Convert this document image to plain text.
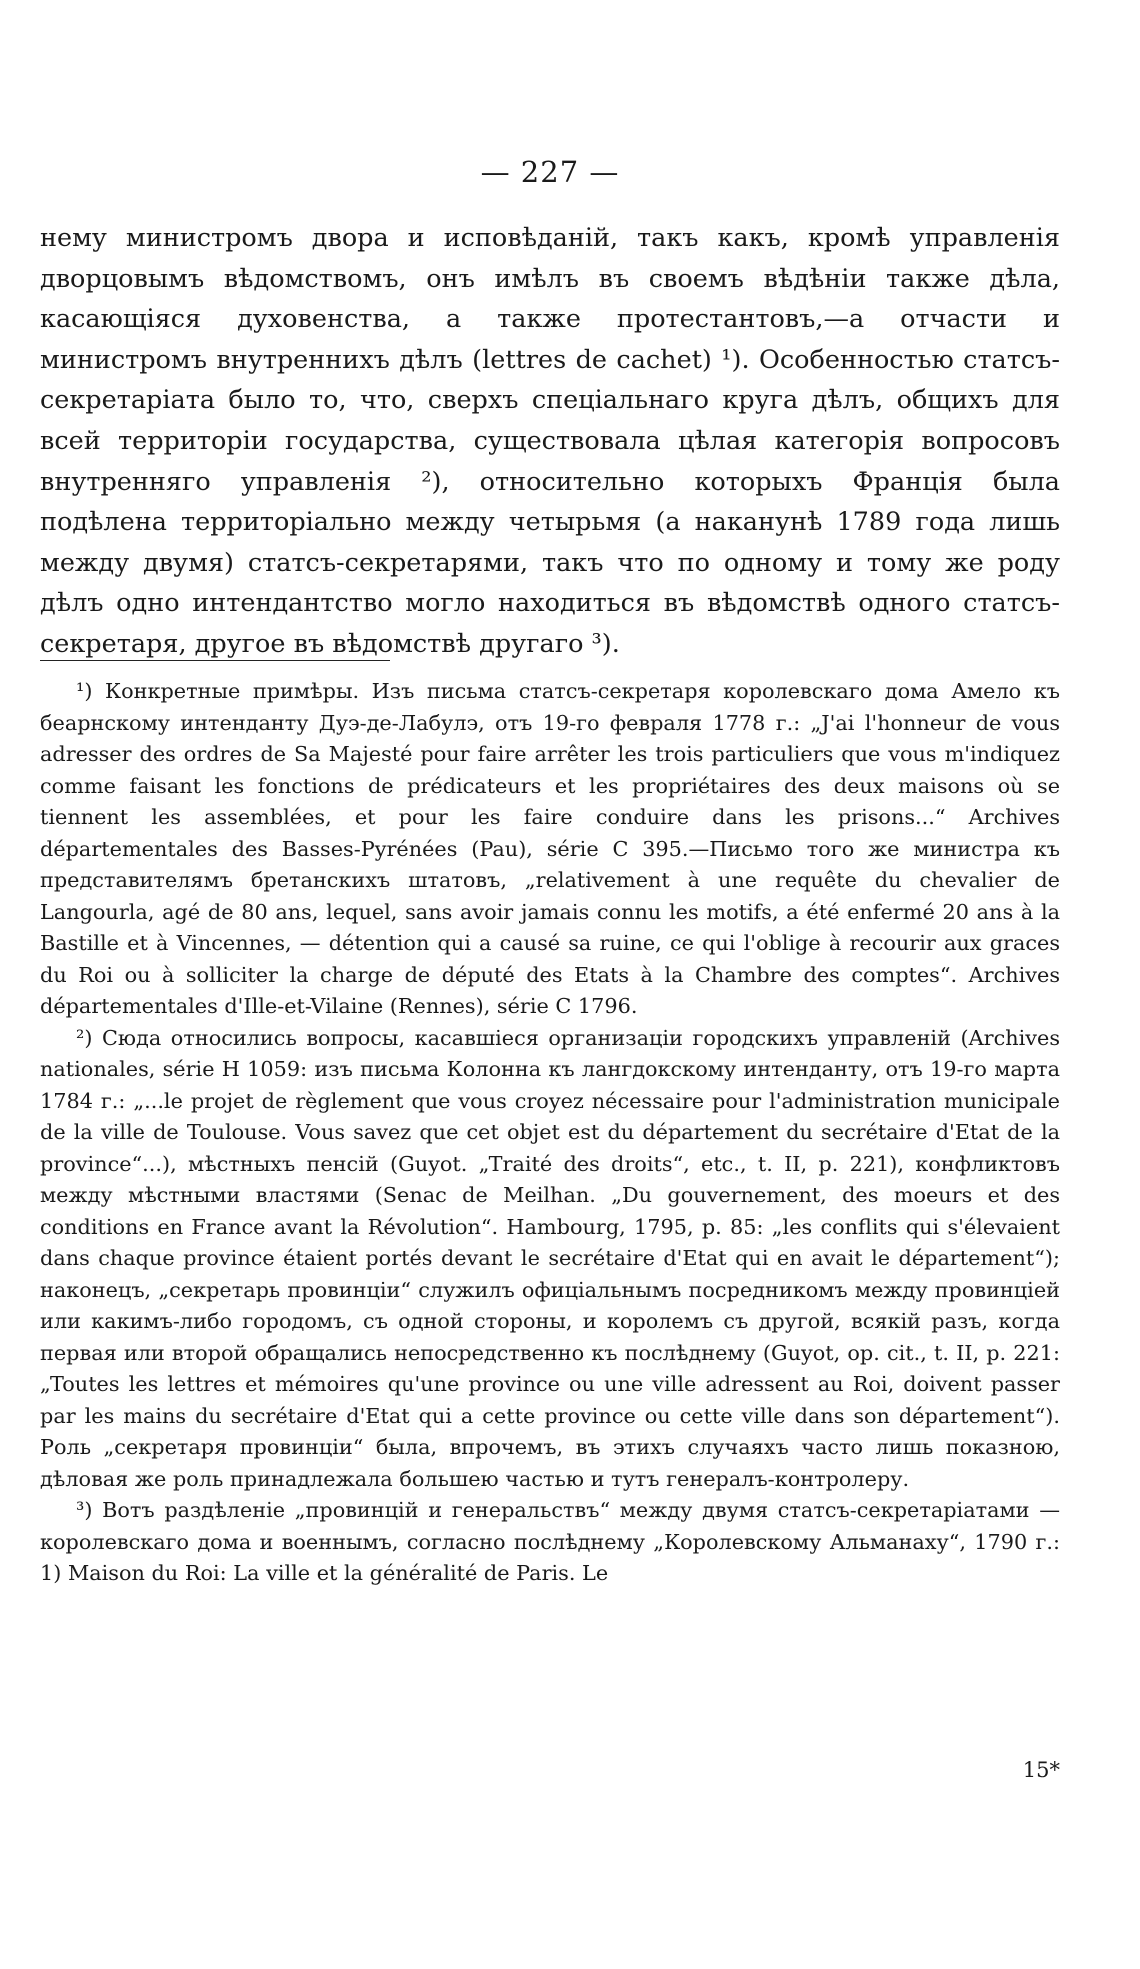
— 227 —

нему министромъ двора и исповѣданій, такъ какъ, кромѣ управленія дворцовымъ вѣдомствомъ, онъ имѣлъ въ своемъ вѣдѣніи также дѣла, касающіяся духовенства, а также протестантовъ,—а отчасти и министромъ внутреннихъ дѣлъ (lettres de cachet) ¹). Особенностью статсъ-секретаріата было то, что, сверхъ спеціальнаго круга дѣлъ, общихъ для всей территоріи государства, существовала цѣлая категорія вопросовъ внутренняго управленія ²), относительно которыхъ Франція была подѣлена территоріально между четырьмя (а наканунѣ 1789 года лишь между двумя) статсъ-секретарями, такъ что по одному и тому же роду дѣлъ одно интендантство могло находиться въ вѣдомствѣ одного статсъ-секретаря, другое въ вѣдомствѣ другаго ³).

¹) Конкретные примѣры. Изъ письма статсъ-секретаря королевскаго дома Амело къ беарнскому интенданту Дуэ-де-Лабулэ, отъ 19-го февраля 1778 г.: „J'ai l'honneur de vous adresser des ordres de Sa Majesté pour faire arrêter les trois particuliers que vous m'indiquez comme faisant les fonctions de prédicateurs et les propriétaires des deux maisons où se tiennent les assemblées, et pour les faire conduire dans les prisons...“ Archives départementales des Basses-Pyrénées (Pau), série C 395.—Письмо того же министра къ представителямъ бретанскихъ штатовъ, „relativement à une requête du chevalier de Langourla, agé de 80 ans, lequel, sans avoir jamais connu les motifs, a été enfermé 20 ans à la Bastille et à Vincennes, — détention qui a causé sa ruine, ce qui l'oblige à recourir aux graces du Roi ou à solliciter la charge de député des Etats à la Chambre des comptes“. Archives départementales d'Ille-et-Vilaine (Rennes), série C 1796.

²) Сюда относились вопросы, касавшіеся организаціи городскихъ управленій (Archives nationales, série H 1059: изъ письма Колонна къ лангдокскому интенданту, отъ 19-го марта 1784 г.: „...le projet de règlement que vous croyez nécessaire pour l'administration municipale de la ville de Toulouse. Vous savez que cet objet est du département du secrétaire d'Etat de la province“...), мѣстныхъ пенсій (Guyot. „Traité des droits“, etc., t. II, p. 221), конфликтовъ между мѣстными властями (Senac de Meilhan. „Du gouvernement, des moeurs et des conditions en France avant la Révolution“. Hambourg, 1795, p. 85: „les conflits qui s'élevaient dans chaque province étaient portés devant le secrétaire d'Etat qui en avait le département“); наконецъ, „секретарь провинціи“ служилъ офиціальнымъ посредникомъ между провинціей или какимъ-либо городомъ, съ одной стороны, и королемъ съ другой, всякій разъ, когда первая или второй обращались непосредственно къ послѣднему (Guyot, op. cit., t. II, p. 221: „Toutes les lettres et mémoires qu'une province ou une ville adressent au Roi, doivent passer par les mains du secrétaire d'Etat qui a cette province ou cette ville dans son département“). Роль „секретаря провинціи“ была, впрочемъ, въ этихъ случаяхъ часто лишь показною, дѣловая же роль принадлежала большею частью и тутъ генералъ-контролеру.

³) Вотъ раздѣленіе „провинцій и генеральствъ“ между двумя статсъ-секретаріатами — королевскаго дома и военнымъ, согласно послѣднему „Королевскому Альманаху“, 1790 г.: 1) Maison du Roi: La ville et la généralité de Paris. Le

15*
